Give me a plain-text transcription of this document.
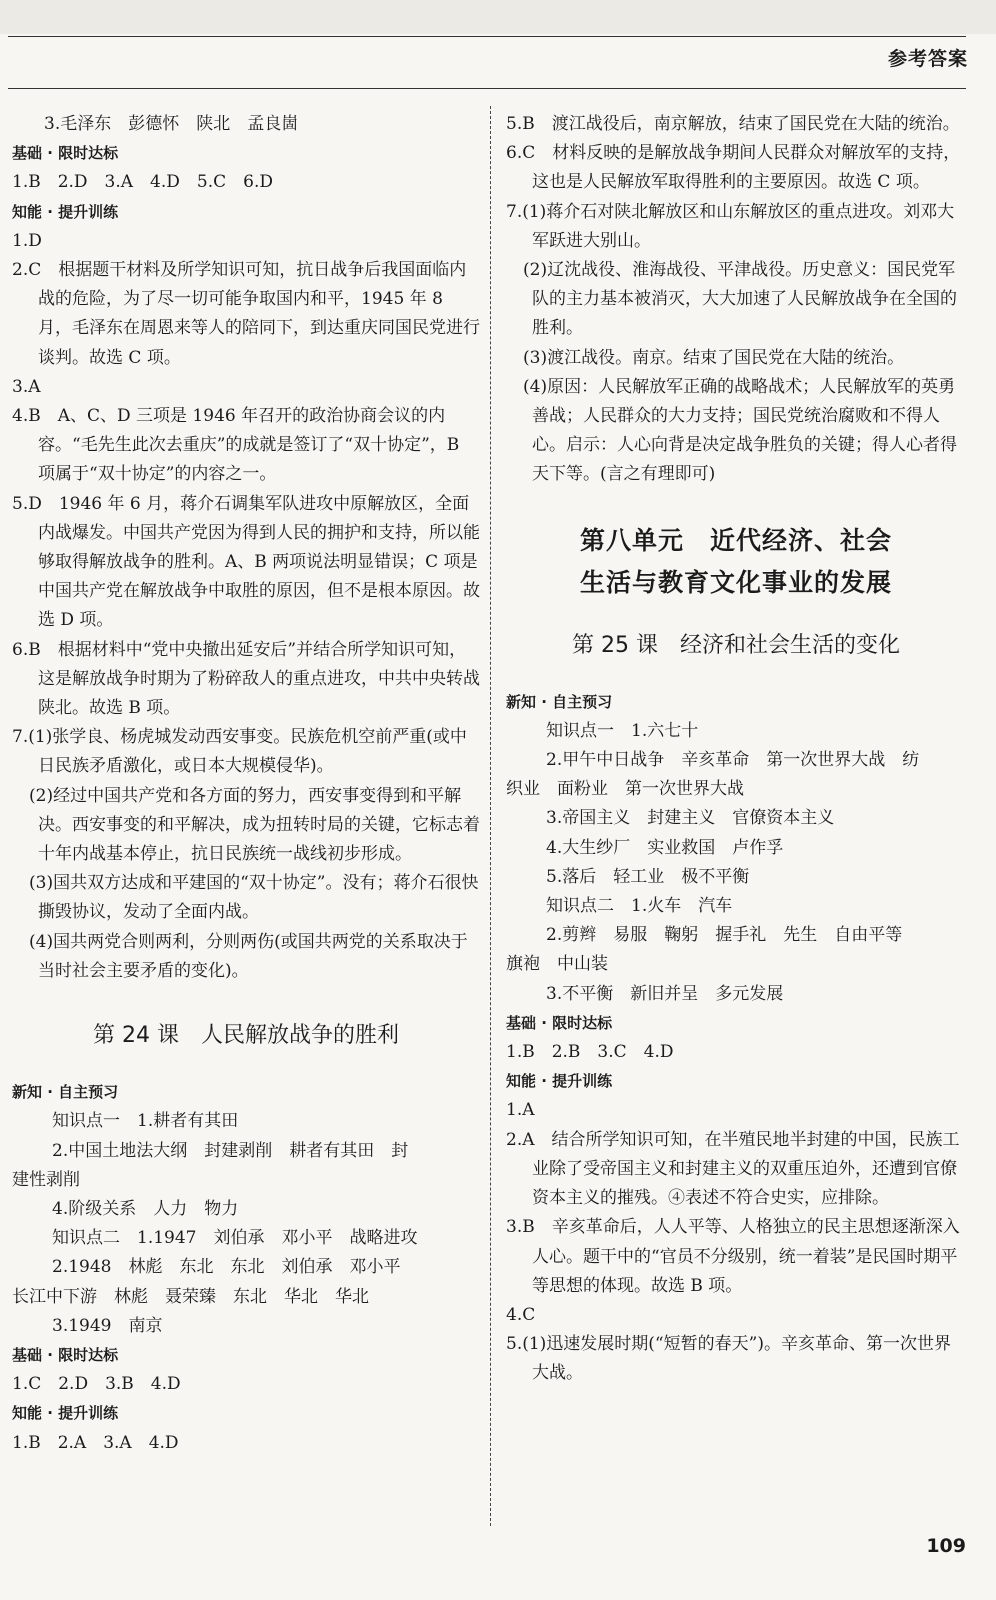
参考答案

3.毛泽东　彭德怀　陕北　孟良崮

基础 · 限时达标

1.B　2.D　3.A　4.D　5.C　6.D

知能 · 提升训练

1.D

2.C　根据题干材料及所学知识可知，抗日战争后我国面临内战的危险，为了尽一切可能争取国内和平，1945 年 8 月，毛泽东在周恩来等人的陪同下，到达重庆同国民党进行谈判。故选 C 项。

3.A

4.B　A、C、D 三项是 1946 年召开的政治协商会议的内容。“毛先生此次去重庆”的成就是签订了“双十协定”，B 项属于“双十协定”的内容之一。

5.D　1946 年 6 月，蒋介石调集军队进攻中原解放区，全面内战爆发。中国共产党因为得到人民的拥护和支持，所以能够取得解放战争的胜利。A、B 两项说法明显错误；C 项是中国共产党在解放战争中取胜的原因，但不是根本原因。故选 D 项。

6.B　根据材料中“党中央撤出延安后”并结合所学知识可知，这是解放战争时期为了粉碎敌人的重点进攻，中共中央转战陕北。故选 B 项。

7.(1)张学良、杨虎城发动西安事变。民族危机空前严重(或中日民族矛盾激化，或日本大规模侵华)。

　(2)经过中国共产党和各方面的努力，西安事变得到和平解决。西安事变的和平解决，成为扭转时局的关键，它标志着十年内战基本停止，抗日民族统一战线初步形成。

　(3)国共双方达成和平建国的“双十协定”。没有；蒋介石很快撕毁协议，发动了全面内战。

　(4)国共两党合则两利，分则两伤(或国共两党的关系取决于当时社会主要矛盾的变化)。

第 24 课　人民解放战争的胜利

新知 · 自主预习

知识点一　1.耕者有其田

2.中国土地法大纲　封建剥削　耕者有其田　封

建性剥削

4.阶级关系　人力　物力

知识点二　1.1947　刘伯承　邓小平　战略进攻

2.1948　林彪　东北　东北　刘伯承　邓小平

长江中下游　林彪　聂荣臻　东北　华北　华北

3.1949　南京

基础 · 限时达标

1.C　2.D　3.B　4.D

知能 · 提升训练

1.B　2.A　3.A　4.D

5.B　渡江战役后，南京解放，结束了国民党在大陆的统治。

6.C　材料反映的是解放战争期间人民群众对解放军的支持，这也是人民解放军取得胜利的主要原因。故选 C 项。

7.(1)蒋介石对陕北解放区和山东解放区的重点进攻。刘邓大军跃进大别山。

　(2)辽沈战役、淮海战役、平津战役。历史意义：国民党军队的主力基本被消灭，大大加速了人民解放战争在全国的胜利。

　(3)渡江战役。南京。结束了国民党在大陆的统治。

　(4)原因：人民解放军正确的战略战术；人民解放军的英勇善战；人民群众的大力支持；国民党统治腐败和不得人心。启示：人心向背是决定战争胜负的关键；得人心者得天下等。(言之有理即可)

第八单元　近代经济、社会

生活与教育文化事业的发展

第 25 课　经济和社会生活的变化

新知 · 自主预习

知识点一　1.六七十

2.甲午中日战争　辛亥革命　第一次世界大战　纺

织业　面粉业　第一次世界大战

3.帝国主义　封建主义　官僚资本主义

4.大生纱厂　实业救国　卢作孚

5.落后　轻工业　极不平衡

知识点二　1.火车　汽车

2.剪辫　易服　鞠躬　握手礼　先生　自由平等

旗袍　中山装

3.不平衡　新旧并呈　多元发展

基础 · 限时达标

1.B　2.B　3.C　4.D

知能 · 提升训练

1.A

2.A　结合所学知识可知，在半殖民地半封建的中国，民族工业除了受帝国主义和封建主义的双重压迫外，还遭到官僚资本主义的摧残。④表述不符合史实，应排除。

3.B　辛亥革命后，人人平等、人格独立的民主思想逐渐深入人心。题干中的“官员不分级别，统一着装”是民国时期平等思想的体现。故选 B 项。

4.C

5.(1)迅速发展时期(“短暂的春天”)。辛亥革命、第一次世界大战。

109
